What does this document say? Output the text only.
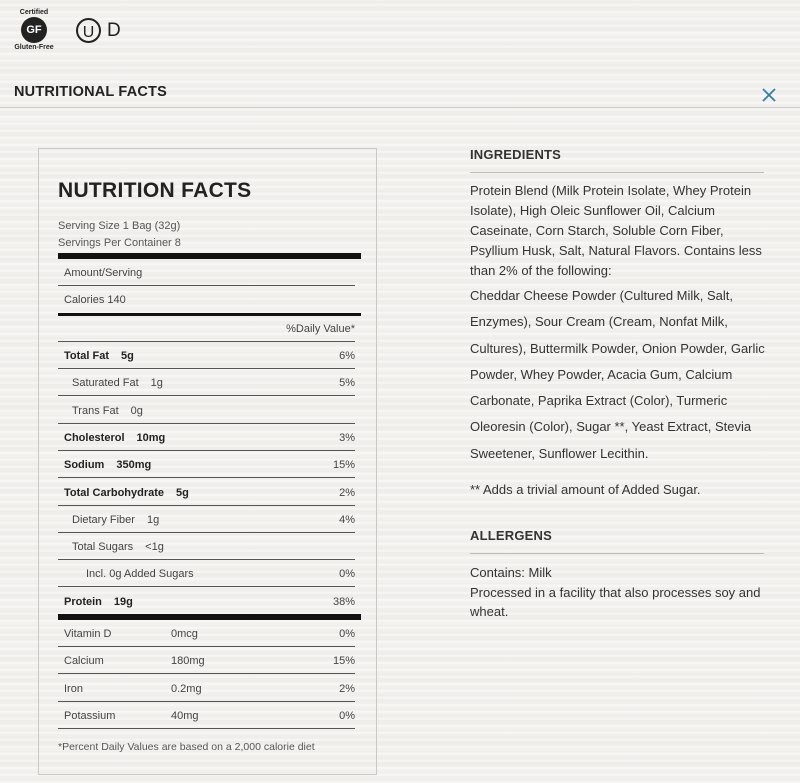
Certified
GF
Gluten-Free
U D
NUTRITIONAL FACTS
NUTRITION FACTS
Serving Size 1 Bag (32g)
Servings Per Container 8
Amount/Serving
Calories 140
%Daily Value*
Total Fat 5g	6%
Saturated Fat 1g	5%
Trans Fat 0g
Cholesterol 10mg	3%
Sodium 350mg	15%
Total Carbohydrate 5g	2%
Dietary Fiber 1g	4%
Total Sugars <1g
Incl. 0g Added Sugars	0%
Protein 19g	38%
Vitamin D	0mcg	0%
Calcium	180mg	15%
Iron	0.2mg	2%
Potassium	40mg	0%
*Percent Daily Values are based on a 2,000 calorie diet
INGREDIENTS
Protein Blend (Milk Protein Isolate, Whey Protein Isolate), High Oleic Sunflower Oil, Calcium Caseinate, Corn Starch, Soluble Corn Fiber, Psyllium Husk, Salt, Natural Flavors. Contains less than 2% of the following:
Cheddar Cheese Powder (Cultured Milk, Salt, Enzymes), Sour Cream (Cream, Nonfat Milk, Cultures), Buttermilk Powder, Onion Powder, Garlic Powder, Whey Powder, Acacia Gum, Calcium Carbonate, Paprika Extract (Color), Turmeric Oleoresin (Color), Sugar **, Yeast Extract, Stevia Sweetener, Sunflower Lecithin.
** Adds a trivial amount of Added Sugar.
ALLERGENS
Contains: Milk
Processed in a facility that also processes soy and wheat.
